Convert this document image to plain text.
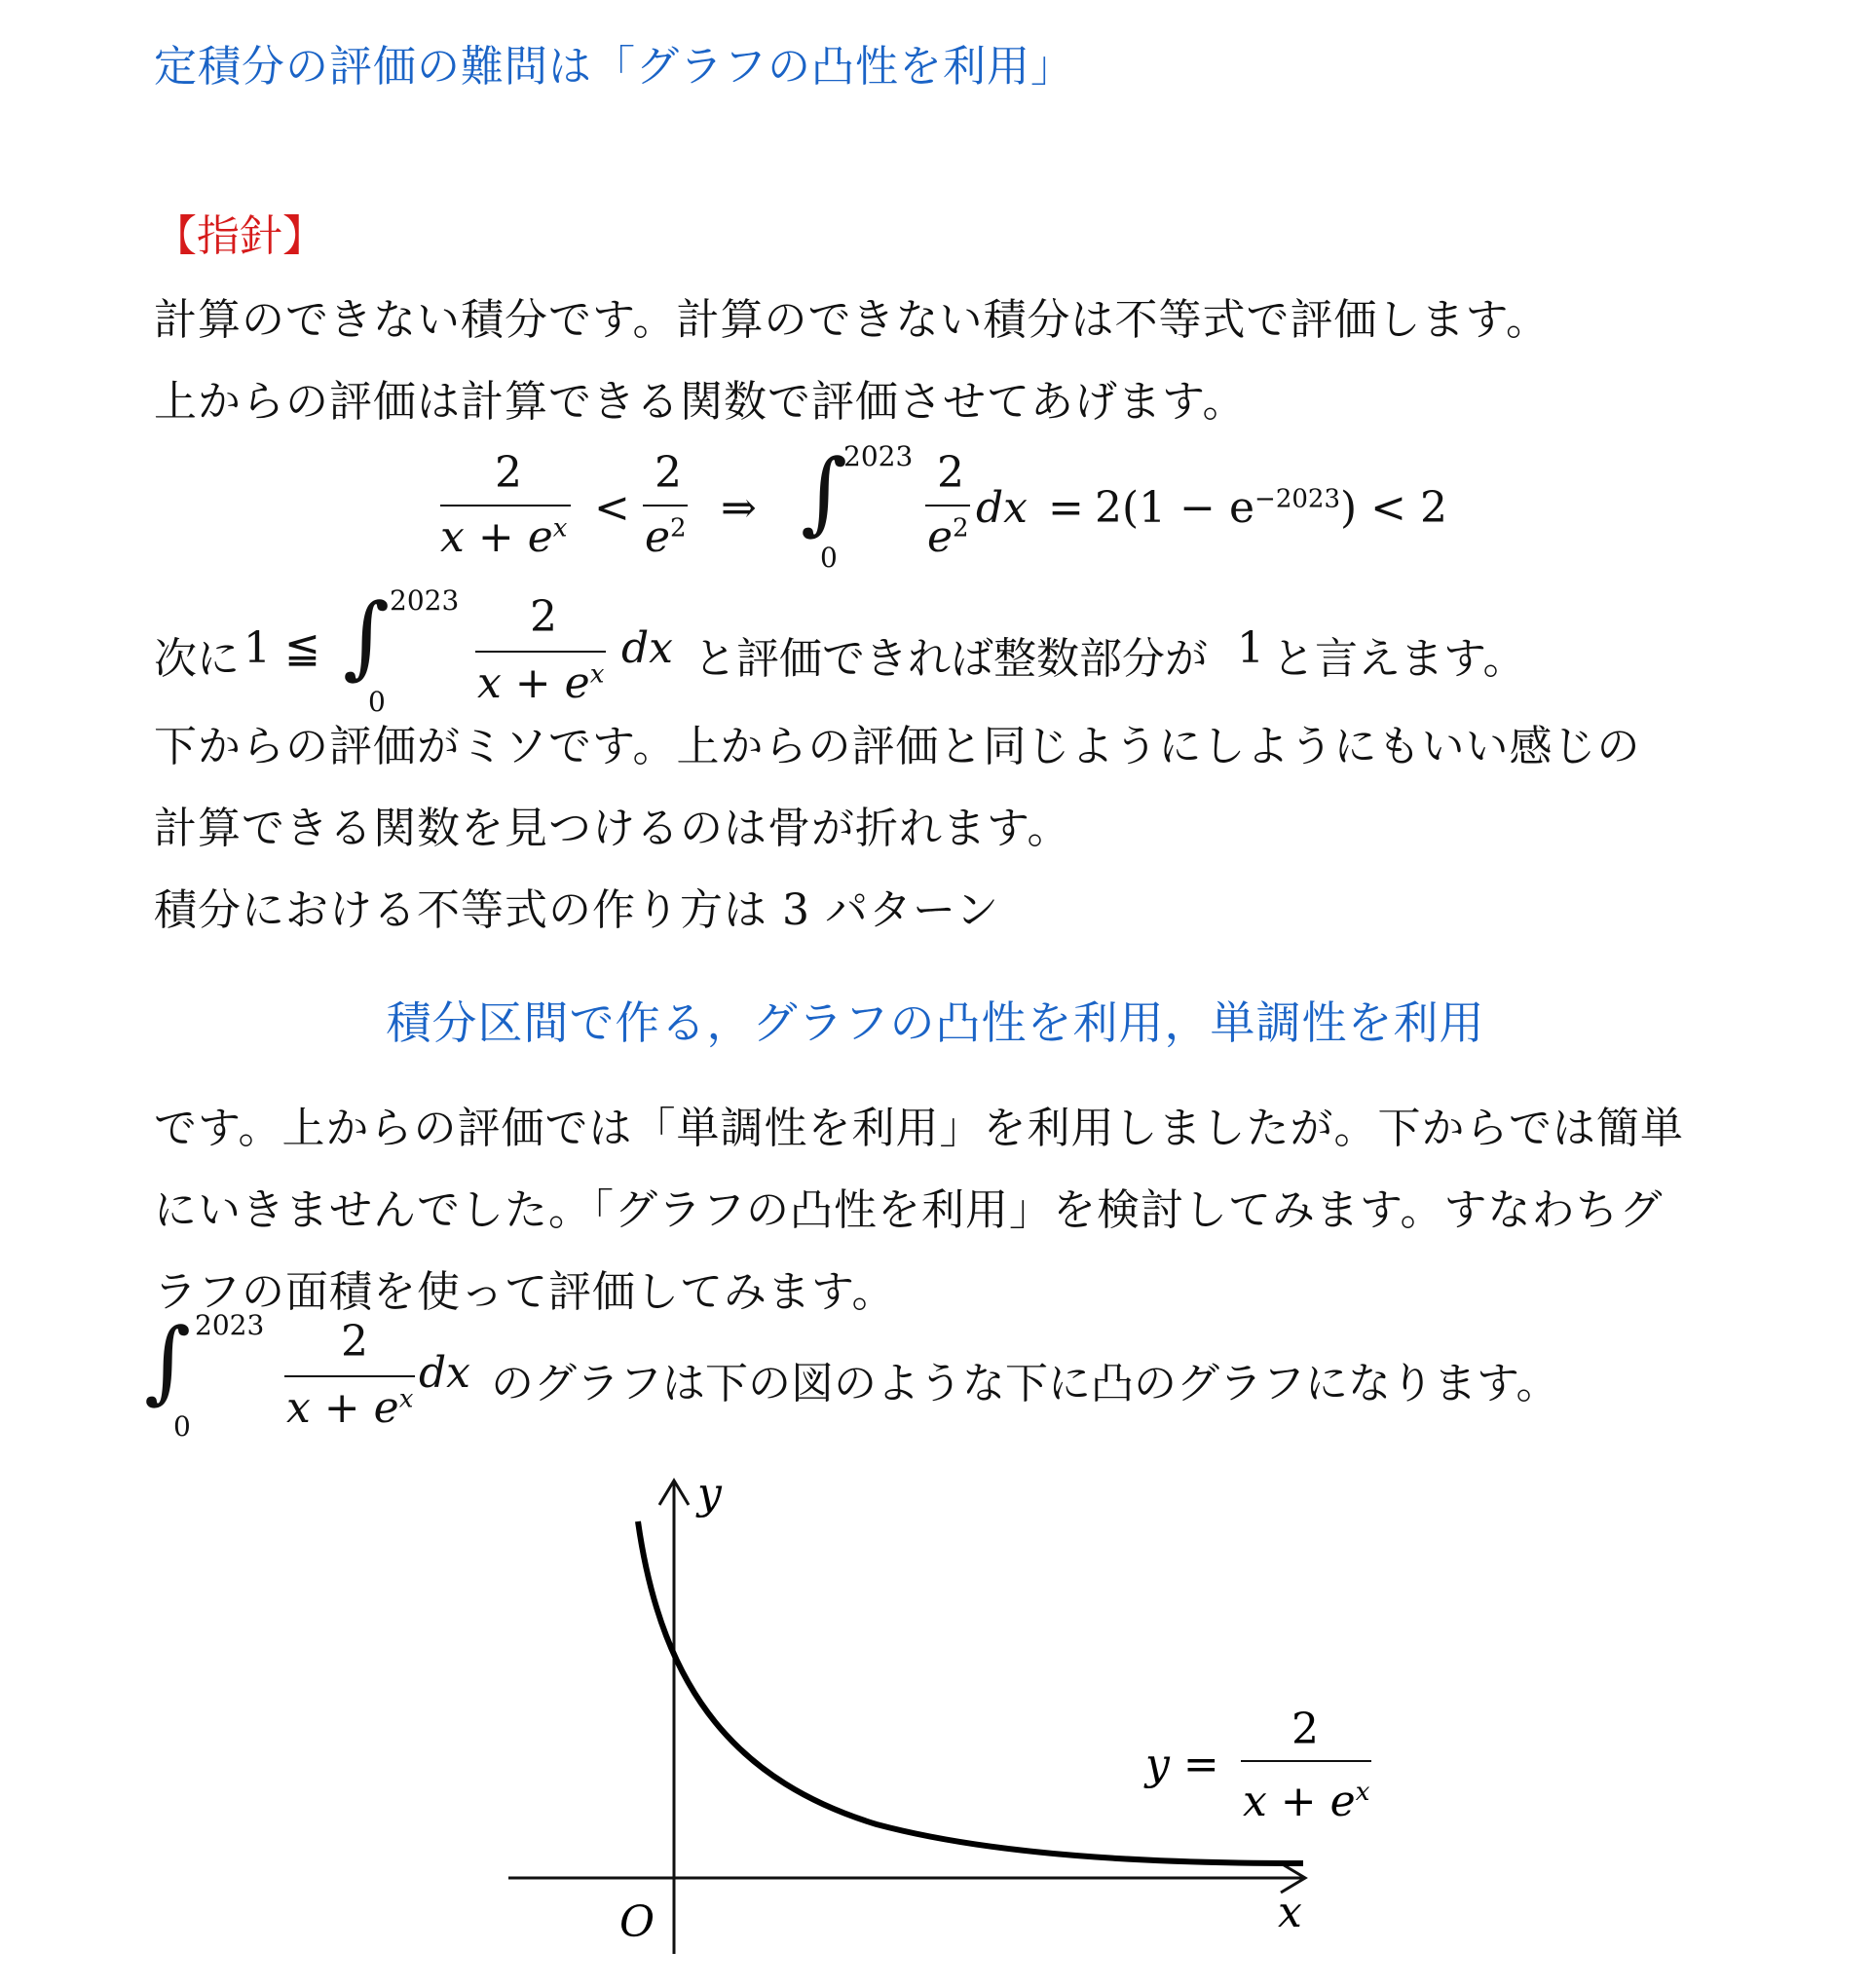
定積分の評価の難問は「グラフの凸性を利用」
【指針】
計算のできない積分です。計算のできない積分は不等式で評価します。
上からの評価は計算できる関数で評価させてあげます。
2
$x + e^x$ <
2
$e^2$ ⇒ ∫
2023
0
2
$e^2$ dx = $2(1 - e^{-2023}) < 2$
次に 1 ≦ ∫ 2023
0
2
$x + e^x$
dx と評価できれば整数部分が 1 と言えます。
下からの評価がミソです。上からの評価と同じようにしようにもいい感じの
計算できる関数を見つけるのは骨が折れます。
積分における不等式の作り方は 3 パターン
積分区間で作る，グラフの凸性を利用，単調性を利用
です。上からの評価では「単調性を利用」を利用しましたが。下からでは簡単
にいきませんでした。「グラフの凸性を利用」を検討してみます。すなわちグ
ラフの面積を使って評価してみます。
∫ 2023
0
2
$x + e^x$
dx のグラフは下の図のような下に凸のグラフになります。
y
x
O
y =
2
$x + e^x$
